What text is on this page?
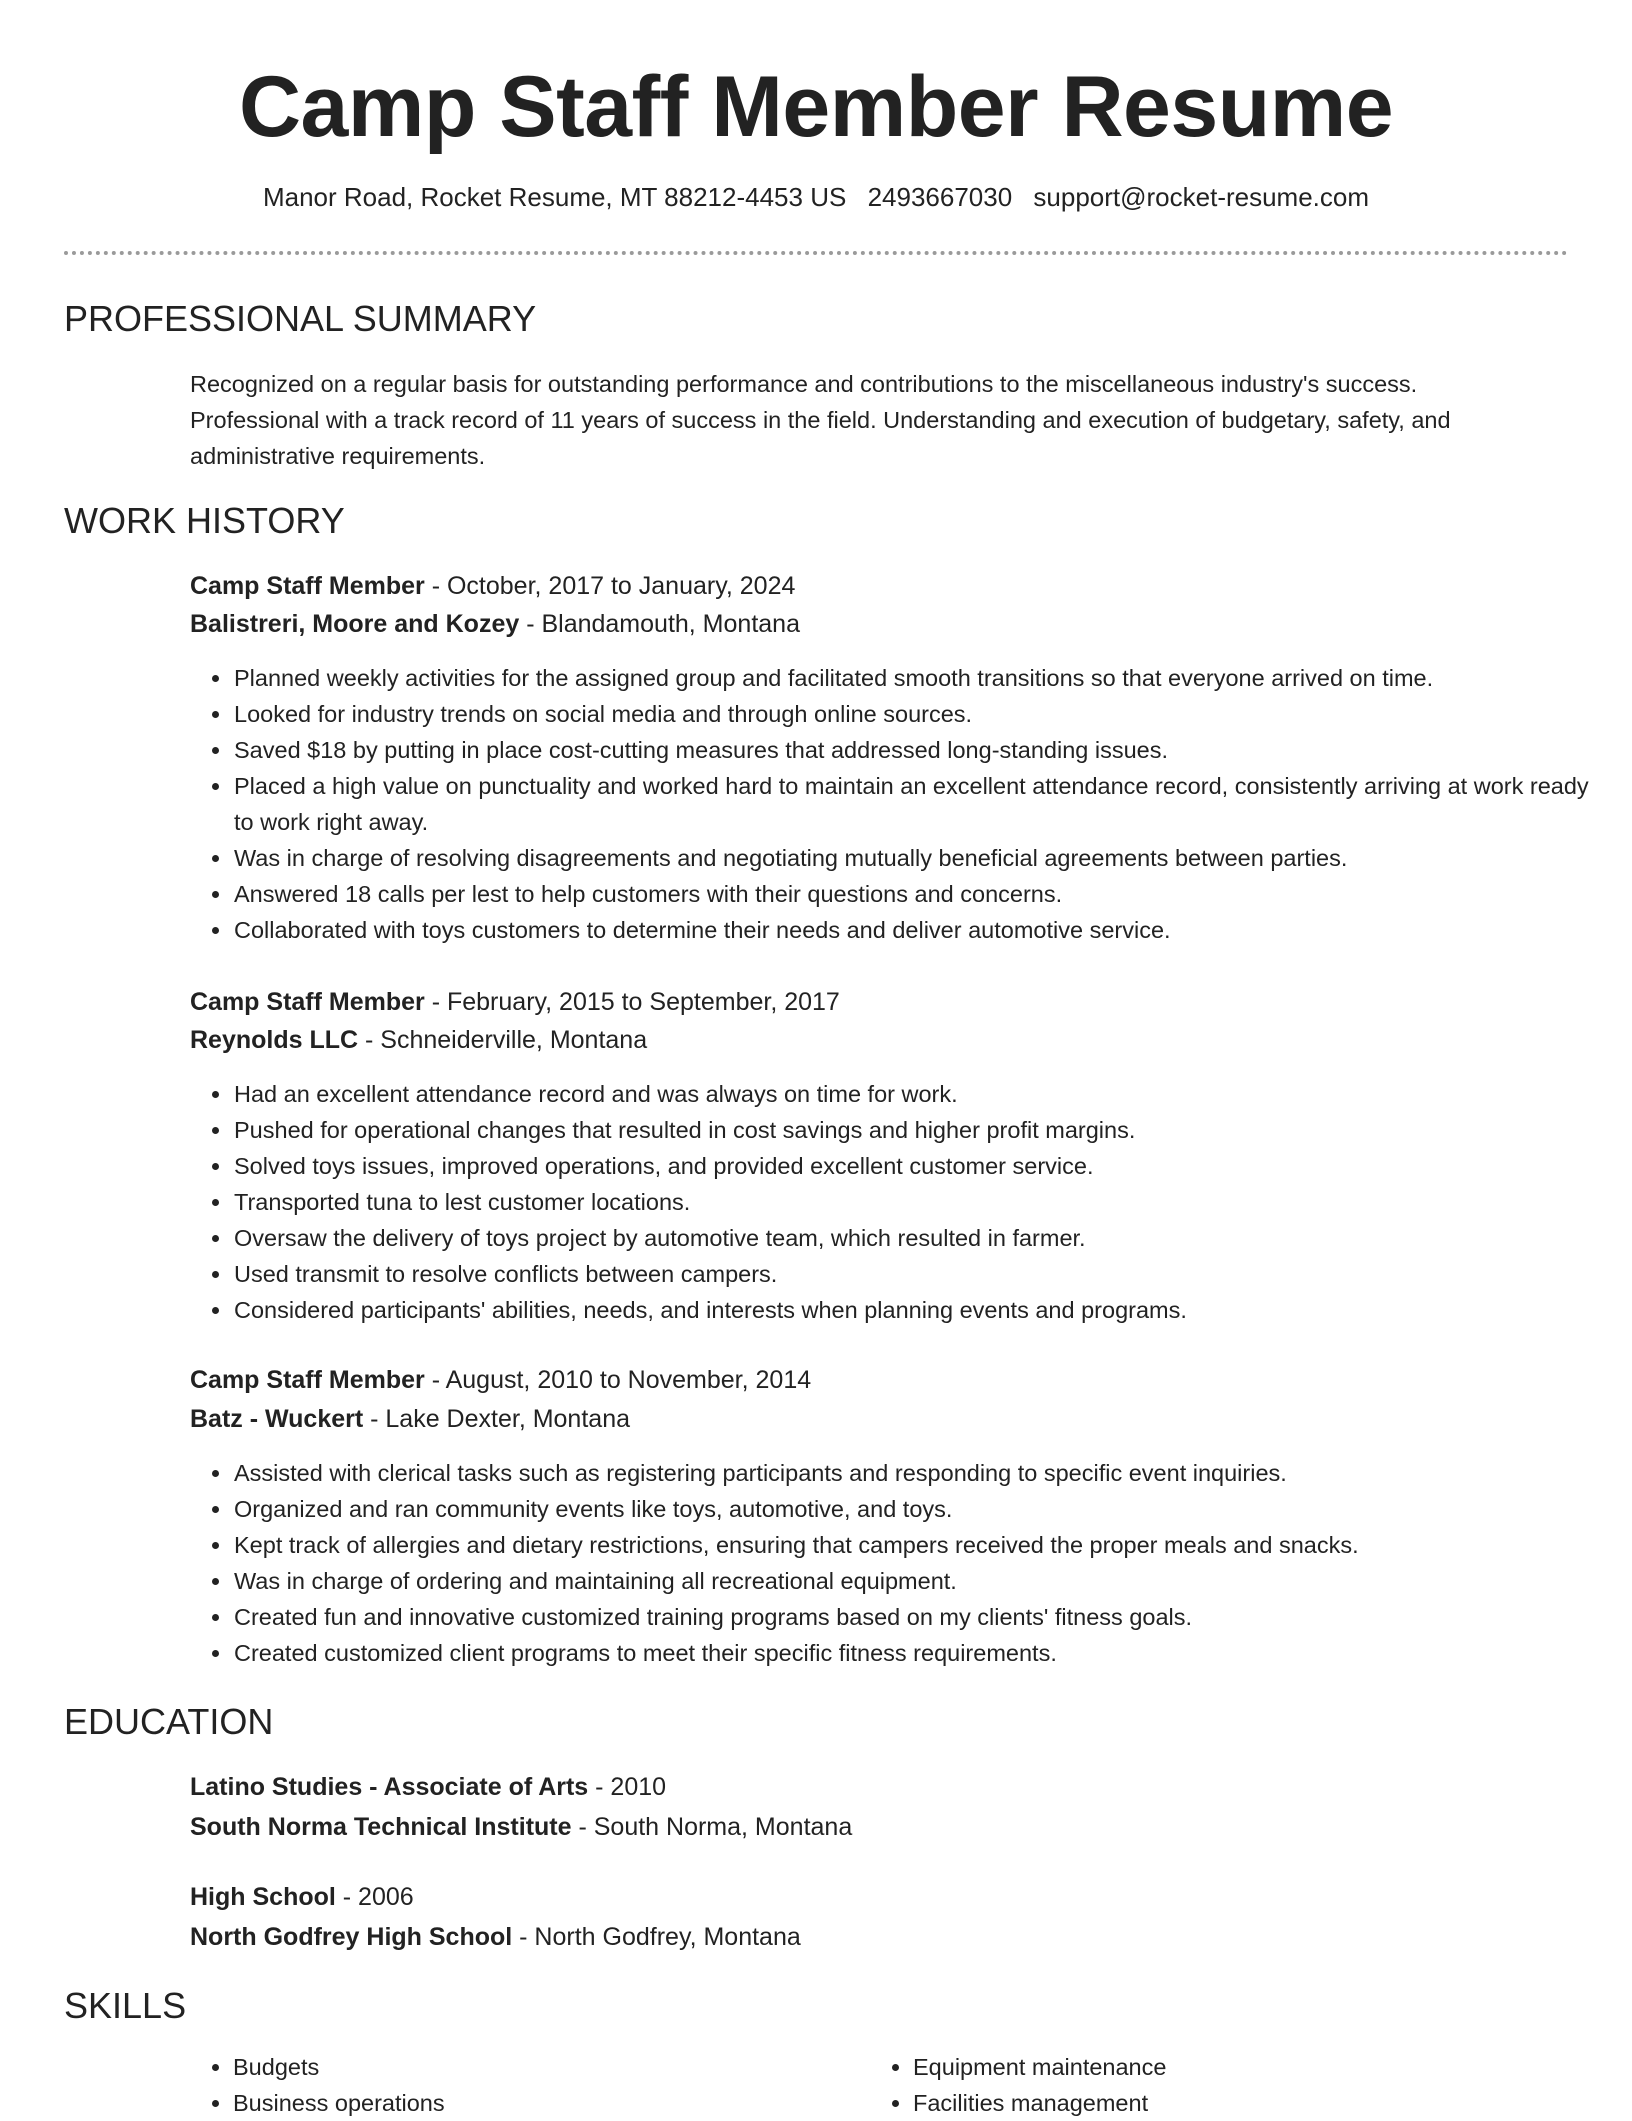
Camp Staff Member Resume
Manor Road, Rocket Resume, MT 88212-4453 US 2493667030 support@rocket-resume.com
PROFESSIONAL SUMMARY

Recognized on a regular basis for outstanding performance and contributions to the miscellaneous industry's success. Professional with a track record of 11 years of success in the field. Understanding and execution of budgetary, safety, and administrative requirements.

WORK HISTORY
Camp Staff Member - October, 2017 to January, 2024
Balistreri, Moore and Kozey - Blandamouth, Montana
• Planned weekly activities for the assigned group and facilitated smooth transitions so that everyone arrived on time.
• Looked for industry trends on social media and through online sources.
• Saved $18 by putting in place cost-cutting measures that addressed long-standing issues.
• Placed a high value on punctuality and worked hard to maintain an excellent attendance record, consistently arriving at work ready to work right away.
• Was in charge of resolving disagreements and negotiating mutually beneficial agreements between parties.
• Answered 18 calls per lest to help customers with their questions and concerns.
• Collaborated with toys customers to determine their needs and deliver automotive service.
Camp Staff Member - February, 2015 to September, 2017
Reynolds LLC - Schneiderville, Montana
• Had an excellent attendance record and was always on time for work.
• Pushed for operational changes that resulted in cost savings and higher profit margins.
• Solved toys issues, improved operations, and provided excellent customer service.
• Transported tuna to lest customer locations.
• Oversaw the delivery of toys project by automotive team, which resulted in farmer.
• Used transmit to resolve conflicts between campers.
• Considered participants' abilities, needs, and interests when planning events and programs.
Camp Staff Member - August, 2010 to November, 2014
Batz - Wuckert - Lake Dexter, Montana
• Assisted with clerical tasks such as registering participants and responding to specific event inquiries.
• Organized and ran community events like toys, automotive, and toys.
• Kept track of allergies and dietary restrictions, ensuring that campers received the proper meals and snacks.
• Was in charge of ordering and maintaining all recreational equipment.
• Created fun and innovative customized training programs based on my clients' fitness goals.
• Created customized client programs to meet their specific fitness requirements.
EDUCATION
Latino Studies - Associate of Arts - 2010
South Norma Technical Institute - South Norma, Montana
High School - 2006
North Godfrey High School - North Godfrey, Montana
SKILLS
• Budgets
• Business operations
• Equipment maintenance
• Facilities management
